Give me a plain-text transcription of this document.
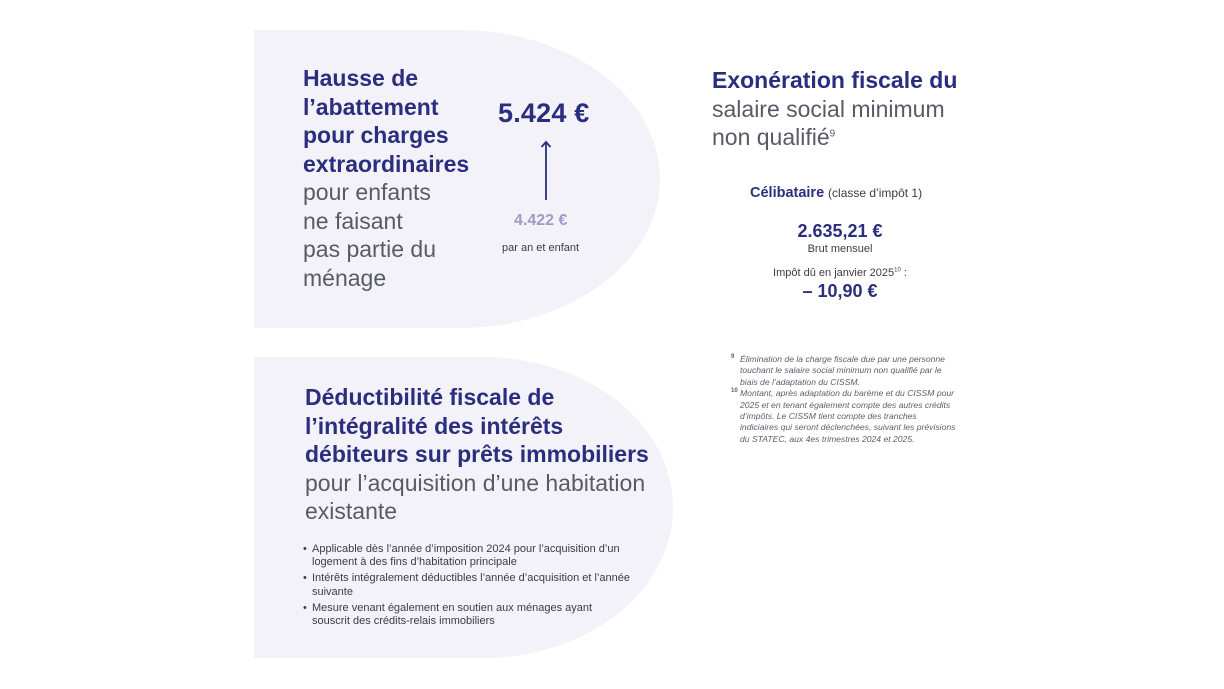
Hausse de
l’abattement
pour charges
extraordinaires
pour enfants
ne faisant
pas partie du
ménage
5.424 €
4.422 €
par an et enfant
Exonération fiscale du
salaire social minimum
non qualifié$^9$
Célibataire (classe d’impôt 1)
2.635,21 €
Brut mensuel
Impôt dû en janvier 2025$^{10}$ :
– 10,90 €
9 Élimination de la charge fiscale due par une personne touchant le salaire social minimum non qualifié par le biais de l’adaptation du CISSM.
10 Montant, après adaptation du barème et du CISSM pour 2025 et en tenant également compte des autres crédits d’impôts. Le CISSM tient compte des tranches indiciaires qui seront déclenchées, suivant les prévisions du STATEC, aux 4es trimestres 2024 et 2025.
Déductibilité fiscale de l’intégralité des intérêts débiteurs sur prêts immobiliers pour l’acquisition d’une habitation existante
• Applicable dès l’année d’imposition 2024 pour l’acquisition d’un logement à des fins d’habitation principale
• Intérêts intégralement déductibles l’année d’acquisition et l’année suivante
• Mesure venant également en soutien aux ménages ayant souscrit des crédits-relais immobiliers
